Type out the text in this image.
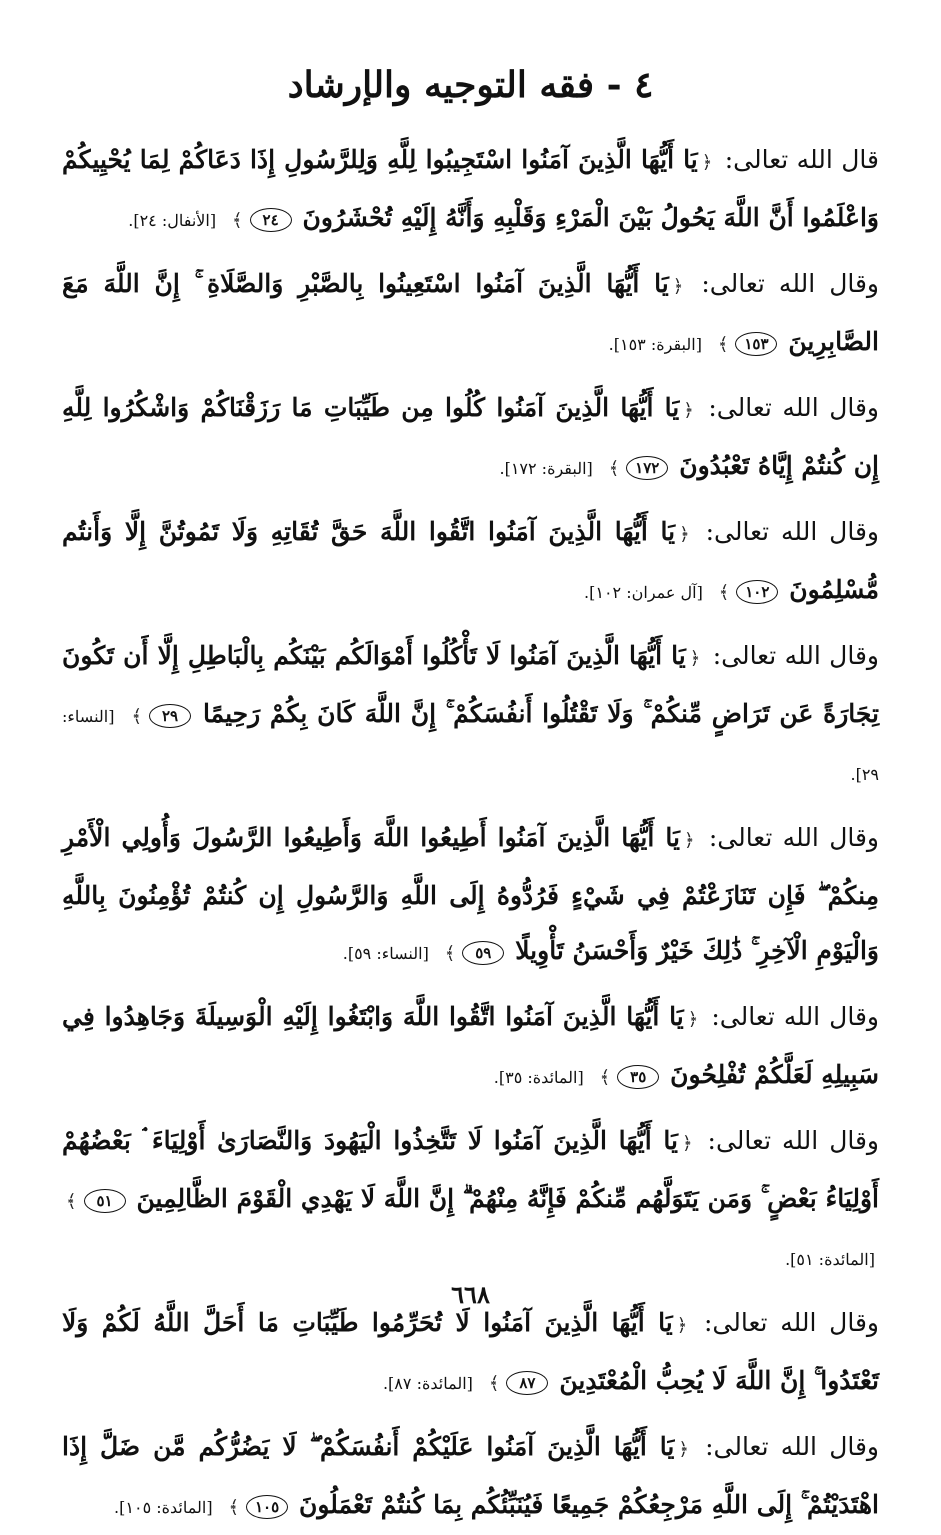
٤ - فقه التوجيه والإرشاد
قال الله تعالى: ﴿يَا أَيُّهَا الَّذِينَ آمَنُوا اسْتَجِيبُوا لِلَّهِ وَلِلرَّسُولِ إِذَا دَعَاكُمْ لِمَا يُحْيِيكُمْ وَاعْلَمُوا أَنَّ اللَّهَ يَحُولُ بَيْنَ الْمَرْءِ وَقَلْبِهِ وَأَنَّهُ إِلَيْهِ تُحْشَرُونَ ٢٤﴾ [الأنفال: ٢٤].
وقال الله تعالى: ﴿يَا أَيُّهَا الَّذِينَ آمَنُوا اسْتَعِينُوا بِالصَّبْرِ وَالصَّلَاةِ ۚ إِنَّ اللَّهَ مَعَ الصَّابِرِينَ ١٥٣﴾ [البقرة: ١٥٣].
وقال الله تعالى: ﴿يَا أَيُّهَا الَّذِينَ آمَنُوا كُلُوا مِن طَيِّبَاتِ مَا رَزَقْنَاكُمْ وَاشْكُرُوا لِلَّهِ إِن كُنتُمْ إِيَّاهُ تَعْبُدُونَ ١٧٢﴾ [البقرة: ١٧٢].
وقال الله تعالى: ﴿يَا أَيُّهَا الَّذِينَ آمَنُوا اتَّقُوا اللَّهَ حَقَّ تُقَاتِهِ وَلَا تَمُوتُنَّ إِلَّا وَأَنتُم مُّسْلِمُونَ ١٠٢﴾ [آل عمران: ١٠٢].
وقال الله تعالى: ﴿يَا أَيُّهَا الَّذِينَ آمَنُوا لَا تَأْكُلُوا أَمْوَالَكُم بَيْنَكُم بِالْبَاطِلِ إِلَّا أَن تَكُونَ تِجَارَةً عَن تَرَاضٍ مِّنكُمْ ۚ وَلَا تَقْتُلُوا أَنفُسَكُمْ ۚ إِنَّ اللَّهَ كَانَ بِكُمْ رَحِيمًا ٢٩﴾ [النساء: ٢٩].
وقال الله تعالى: ﴿يَا أَيُّهَا الَّذِينَ آمَنُوا أَطِيعُوا اللَّهَ وَأَطِيعُوا الرَّسُولَ وَأُولِي الْأَمْرِ مِنكُمْ ۖ فَإِن تَنَازَعْتُمْ فِي شَيْءٍ فَرُدُّوهُ إِلَى اللَّهِ وَالرَّسُولِ إِن كُنتُمْ تُؤْمِنُونَ بِاللَّهِ وَالْيَوْمِ الْآخِرِ ۚ ذَٰلِكَ خَيْرٌ وَأَحْسَنُ تَأْوِيلًا ٥٩﴾ [النساء: ٥٩].
وقال الله تعالى: ﴿يَا أَيُّهَا الَّذِينَ آمَنُوا اتَّقُوا اللَّهَ وَابْتَغُوا إِلَيْهِ الْوَسِيلَةَ وَجَاهِدُوا فِي سَبِيلِهِ لَعَلَّكُمْ تُفْلِحُونَ ٣٥﴾ [المائدة: ٣٥].
وقال الله تعالى: ﴿يَا أَيُّهَا الَّذِينَ آمَنُوا لَا تَتَّخِذُوا الْيَهُودَ وَالنَّصَارَىٰ أَوْلِيَاءَ ۘ بَعْضُهُمْ أَوْلِيَاءُ بَعْضٍ ۚ وَمَن يَتَوَلَّهُم مِّنكُمْ فَإِنَّهُ مِنْهُمْ ۗ إِنَّ اللَّهَ لَا يَهْدِي الْقَوْمَ الظَّالِمِينَ ٥١﴾ [المائدة: ٥١].
وقال الله تعالى: ﴿يَا أَيُّهَا الَّذِينَ آمَنُوا لَا تُحَرِّمُوا طَيِّبَاتِ مَا أَحَلَّ اللَّهُ لَكُمْ وَلَا تَعْتَدُوا ۚ إِنَّ اللَّهَ لَا يُحِبُّ الْمُعْتَدِينَ ٨٧﴾ [المائدة: ٨٧].
وقال الله تعالى: ﴿يَا أَيُّهَا الَّذِينَ آمَنُوا عَلَيْكُمْ أَنفُسَكُمْ ۖ لَا يَضُرُّكُم مَّن ضَلَّ إِذَا اهْتَدَيْتُمْ ۚ إِلَى اللَّهِ مَرْجِعُكُمْ جَمِيعًا فَيُنَبِّئُكُم بِمَا كُنتُمْ تَعْمَلُونَ ١٠٥﴾ [المائدة: ١٠٥].
٦٦٨
